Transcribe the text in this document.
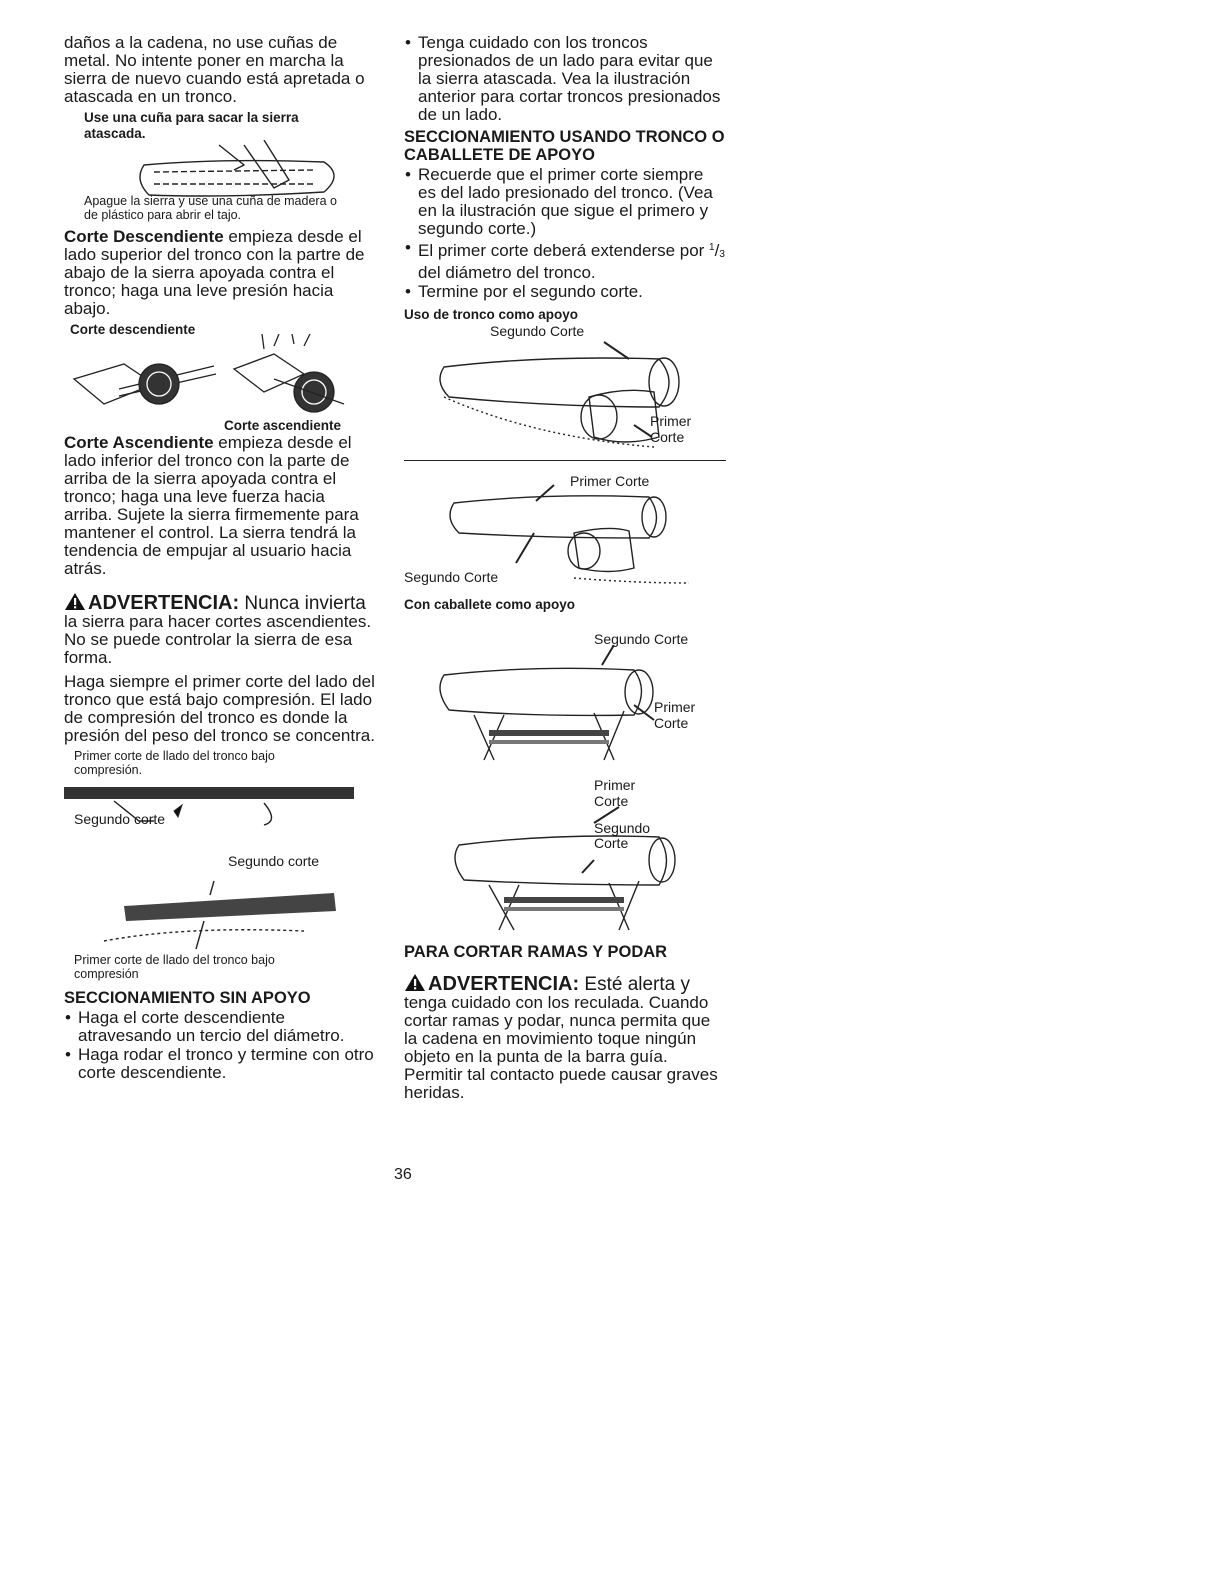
daños a la cadena, no use cuñas de metal. No intente poner en marcha la sierra de nuevo cuando está apretada o atascada en un tronco.

Use una cuña para sacar la sierra atascada.
Apague la sierra y use una cuña de madera o de plástico para abrir el tajo.

Corte Descendiente empieza desde el lado superior del tronco con la partre de abajo de la sierra apoyada contra el tronco; haga una leve presión hacia abajo.

Corte descendiente
Corte ascendiente

Corte Ascendiente empieza desde el lado inferior del tronco con la parte de arriba de la sierra apoyada contra el tronco; haga una leve fuerza hacia arriba. Sujete la sierra firmemente para mantener el control. La sierra tendrá la tendencia de empujar al usuario hacia atrás.

ADVERTENCIA: Nunca invierta
la sierra para hacer cortes ascendientes. No se puede controlar la sierra de esa forma.

Haga siempre el primer corte del lado del tronco que está bajo compresión. El lado de compresión del tronco es donde la presión del peso del tronco se concentra.

Primer corte de llado del tronco bajo compresión.
Segundo corte
Segundo corte
Primer corte de llado del tronco bajo compresión
SECCIONAMIENTO SIN APOYO
• Haga el corte descendiente atravesando un tercio del diámetro.
• Haga rodar el tronco y termine con otro corte descendiente.
• Tenga cuidado con los troncos presionados de un lado para evitar que la sierra atascada. Vea la ilustración anterior para cortar troncos presionados de un lado.
SECCIONAMIENTO USANDO TRONCO O CABALLETE DE APOYO
• Recuerde que el primer corte siempre es del lado presionado del tronco. (Vea en la ilustración que sigue el primero y segundo corte.)
• El primer corte deberá extenderse por $^1/_3$ del diámetro del tronco.
• Termine por el segundo corte.
Uso de tronco como apoyo
Segundo Corte
Primer Corte
Primer Corte
Segundo Corte
Con caballete como apoyo
Segundo Corte
Primer Corte
Primer Corte
Segundo Corte
PARA CORTAR RAMAS Y PODAR
ADVERTENCIA: Esté alerta y
tenga cuidado con los reculada. Cuando cortar ramas y podar, nunca permita que la cadena en movimiento toque ningún objeto en la punta de la barra guía. Permitir tal contacto puede causar graves heridas.
36
